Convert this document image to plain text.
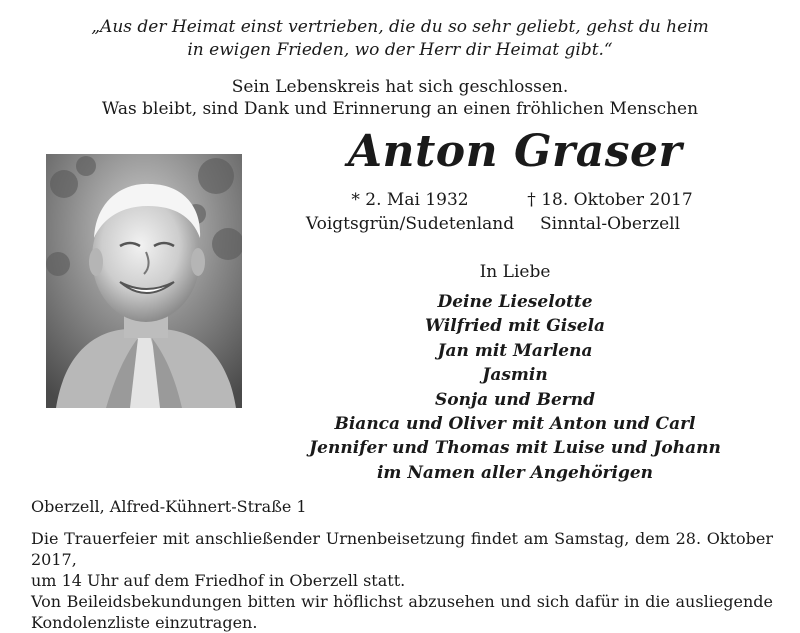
„Aus der Heimat einst vertrieben, die du so sehr geliebt, gehst du heim
in ewigen Frieden, wo der Herr dir Heimat gibt.“
Sein Lebenskreis hat sich geschlossen.
Was bleibt, sind Dank und Erinnerung an einen fröhlichen Menschen
Anton Graser
* 2. Mai 1932
Voigtsgrün/Sudetenland
† 18. Oktober 2017
Sinntal-Oberzell
In Liebe
Deine Lieselotte
Wilfried mit Gisela
Jan mit Marlena
Jasmin
Sonja und Bernd
Bianca und Oliver mit Anton und Carl
Jennifer und Thomas mit Luise und Johann
im Namen aller Angehörigen
Oberzell, Alfred-Kühnert-Straße 1
Die Trauerfeier mit anschließender Urnenbeisetzung findet am Samstag, dem 28. Oktober 2017,
um 14 Uhr auf dem Friedhof in Oberzell statt.
Von Beileidsbekundungen bitten wir höflichst abzusehen und sich dafür in die ausliegende
Kondolenzliste einzutragen.
